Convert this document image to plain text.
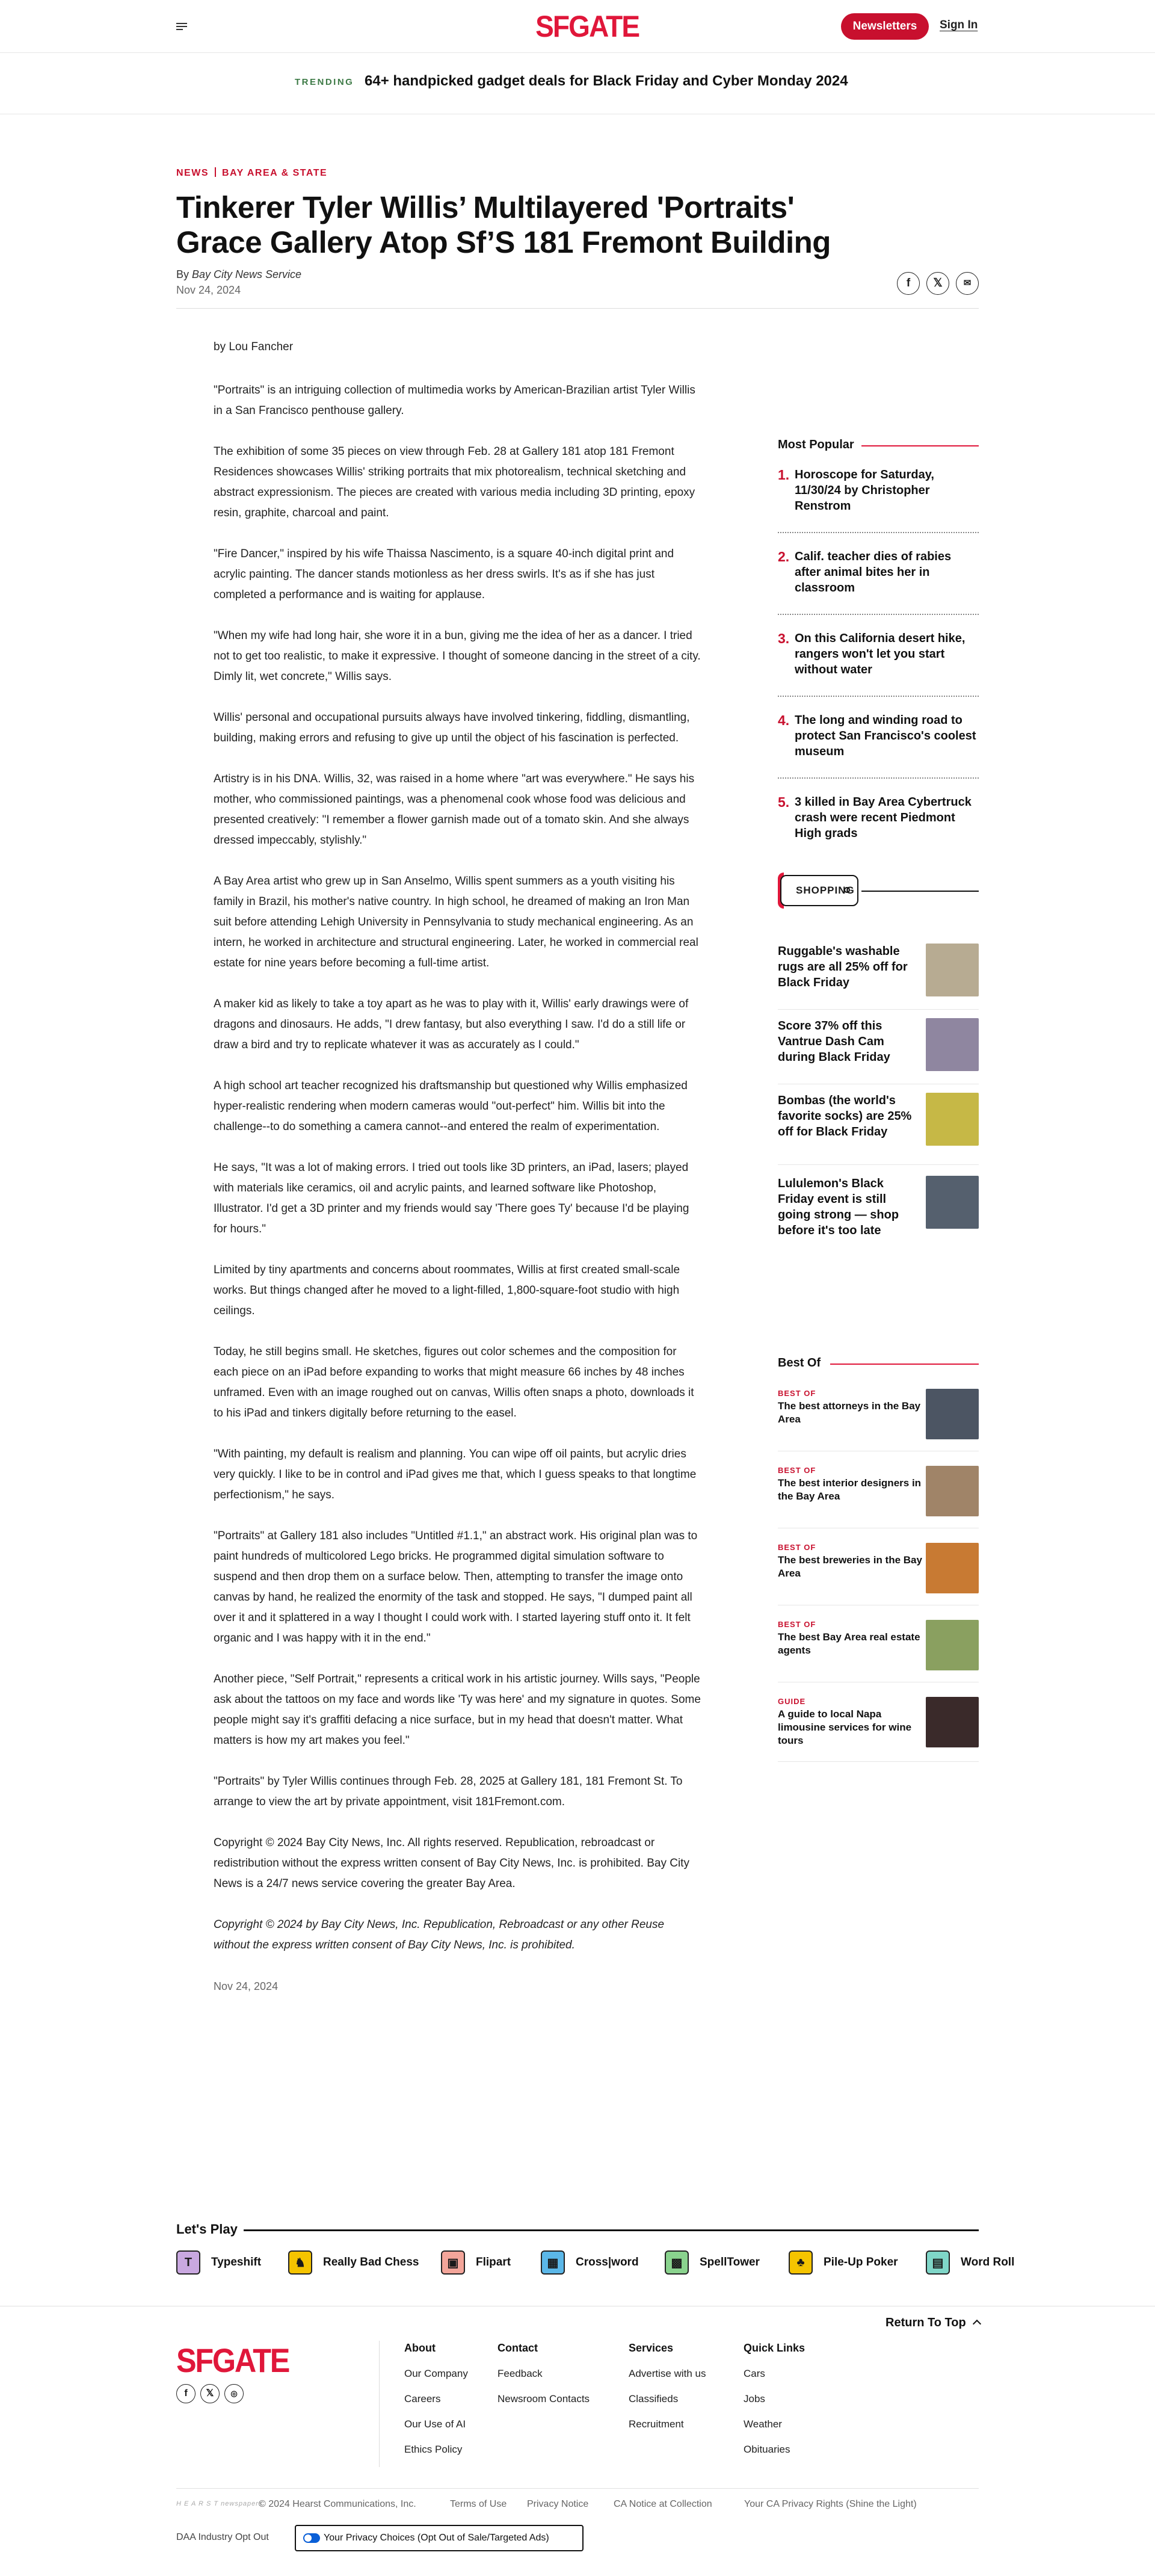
SFGATE	Newsletters	Sign In
TRENDING 64+ handpicked gadget deals for Black Friday and Cyber Monday 2024
NEWS BAY AREA & STATE
Tinkerer Tyler Willis’ Multilayered 'Portraits'
Grace Gallery Atop Sf’S 181 Fremont Building
By Bay City News Service
Nov 24, 2024
f	𝕏	✉

by Lou Fancher

"Portraits" is an intriguing collection of multimedia works by American-Brazilian artist Tyler Willis in a San Francisco penthouse gallery.

The exhibition of some 35 pieces on view through Feb. 28 at Gallery 181 atop 181 Fremont Residences showcases Willis' striking portraits that mix photorealism, technical sketching and abstract expressionism. The pieces are created with various media including 3D printing, epoxy resin, graphite, charcoal and paint.

"Fire Dancer," inspired by his wife Thaissa Nascimento, is a square 40-inch digital print and acrylic painting. The dancer stands motionless as her dress swirls. It's as if she has just completed a performance and is waiting for applause.

"When my wife had long hair, she wore it in a bun, giving me the idea of her as a dancer. I tried not to get too realistic, to make it expressive. I thought of someone dancing in the street of a city. Dimly lit, wet concrete," Willis says.

Willis' personal and occupational pursuits always have involved tinkering, fiddling, dismantling, building, making errors and refusing to give up until the object of his fascination is perfected.

Artistry is in his DNA. Willis, 32, was raised in a home where "art was everywhere." He says his mother, who commissioned paintings, was a phenomenal cook whose food was delicious and presented creatively: "I remember a flower garnish made out of a tomato skin. And she always dressed impeccably, stylishly."

A Bay Area artist who grew up in San Anselmo, Willis spent summers as a youth visiting his family in Brazil, his mother's native country. In high school, he dreamed of making an Iron Man suit before attending Lehigh University in Pennsylvania to study mechanical engineering. As an intern, he worked in architecture and structural engineering. Later, he worked in commercial real estate for nine years before becoming a full-time artist.

A maker kid as likely to take a toy apart as he was to play with it, Willis' early drawings were of dragons and dinosaurs. He adds, "I drew fantasy, but also everything I saw. I'd do a still life or draw a bird and try to replicate whatever it was as accurately as I could."

A high school art teacher recognized his draftsmanship but questioned why Willis emphasized hyper-realistic rendering when modern cameras would "out-perfect" him. Willis bit into the challenge--to do something a camera cannot--and entered the realm of experimentation.

He says, "It was a lot of making errors. I tried out tools like 3D printers, an iPad, lasers; played with materials like ceramics, oil and acrylic paints, and learned software like Photoshop, Illustrator. I'd get a 3D printer and my friends would say 'There goes Ty' because I'd be playing for hours."

Limited by tiny apartments and concerns about roommates, Willis at first created small-scale works. But things changed after he moved to a light-filled, 1,800-square-foot studio with high ceilings.

Today, he still begins small. He sketches, figures out color schemes and the composition for each piece on an iPad before expanding to works that might measure 66 inches by 48 inches unframed. Even with an image roughed out on canvas, Willis often snaps a photo, downloads it to his iPad and tinkers digitally before returning to the easel.

"With painting, my default is realism and planning. You can wipe off oil paints, but acrylic dries very quickly. I like to be in control and iPad gives me that, which I guess speaks to that longtime perfectionism," he says.

"Portraits" at Gallery 181 also includes "Untitled #1.1," an abstract work. His original plan was to paint hundreds of multicolored Lego bricks. He programmed digital simulation software to suspend and then drop them on a surface below. Then, attempting to transfer the image onto canvas by hand, he realized the enormity of the task and stopped. He says, "I dumped paint all over it and it splattered in a way I thought I could work with. I started layering stuff onto it. It felt organic and I was happy with it in the end."

Another piece, "Self Portrait," represents a critical work in his artistic journey. Wills says, "People ask about the tattoos on my face and words like 'Ty was here' and my signature in quotes. Some people might say it's graffiti defacing a nice surface, but in my head that doesn't matter. What matters is how my art makes you feel."

"Portraits" by Tyler Willis continues through Feb. 28, 2025 at Gallery 181, 181 Fremont St. To arrange to view the art by private appointment, visit 181Fremont.com.

Copyright © 2024 Bay City News, Inc. All rights reserved. Republication, rebroadcast or redistribution without the express written consent of Bay City News, Inc. is prohibited. Bay City News is a 24/7 news service covering the greater Bay Area.

Copyright © 2024 by Bay City News, Inc. Republication, Rebroadcast or any other Reuse without the express written consent of Bay City News, Inc. is prohibited.

Nov 24, 2024

Most Popular
1. Horoscope for Saturday, 11/30/24 by Christopher Renstrom
2. Calif. teacher dies of rabies after animal bites her in classroom
3. On this California desert hike, rangers won't let you start without water
4. The long and winding road to protect San Francisco's coolest museum
5. 3 killed in Bay Area Cybertruck crash were recent Piedmont High grads
SHOPPING
Ruggable's washable rugs are all 25% off for Black Friday
Score 37% off this Vantrue Dash Cam during Black Friday
Bombas (the world's favorite socks) are 25% off for Black Friday
Lululemon's Black Friday event is still going strong — shop before it's too late
Best Of
BEST OF
The best attorneys in the Bay Area
BEST OF
The best interior designers in the Bay Area
BEST OF
The best breweries in the Bay Area
BEST OF
The best Bay Area real estate agents
GUIDE
A guide to local Napa limousine services for wine tours
Let's Play
T	Typeshift	♞	Really Bad Chess	▣	Flipart	▦	Cross|word	▩	SpellTower	♣	Pile-Up Poker	▤	Word Roll
Return To Top
SFGATE
f	𝕏	◎
About
Our Company
Careers
Our Use of AI
Ethics Policy
Contact
Feedback
Newsroom Contacts
Services
Advertise with us
Classifieds
Recruitment
Quick Links
Cars
Jobs
Weather
Obituaries
H E A R S T newspapers
© 2024 Hearst Communications, Inc.	Terms of Use Privacy Notice	CA Notice at Collection	Your CA Privacy Rights (Shine the Light)
DAA Industry Opt Out	Your Privacy Choices (Opt Out of Sale/Targeted Ads)
